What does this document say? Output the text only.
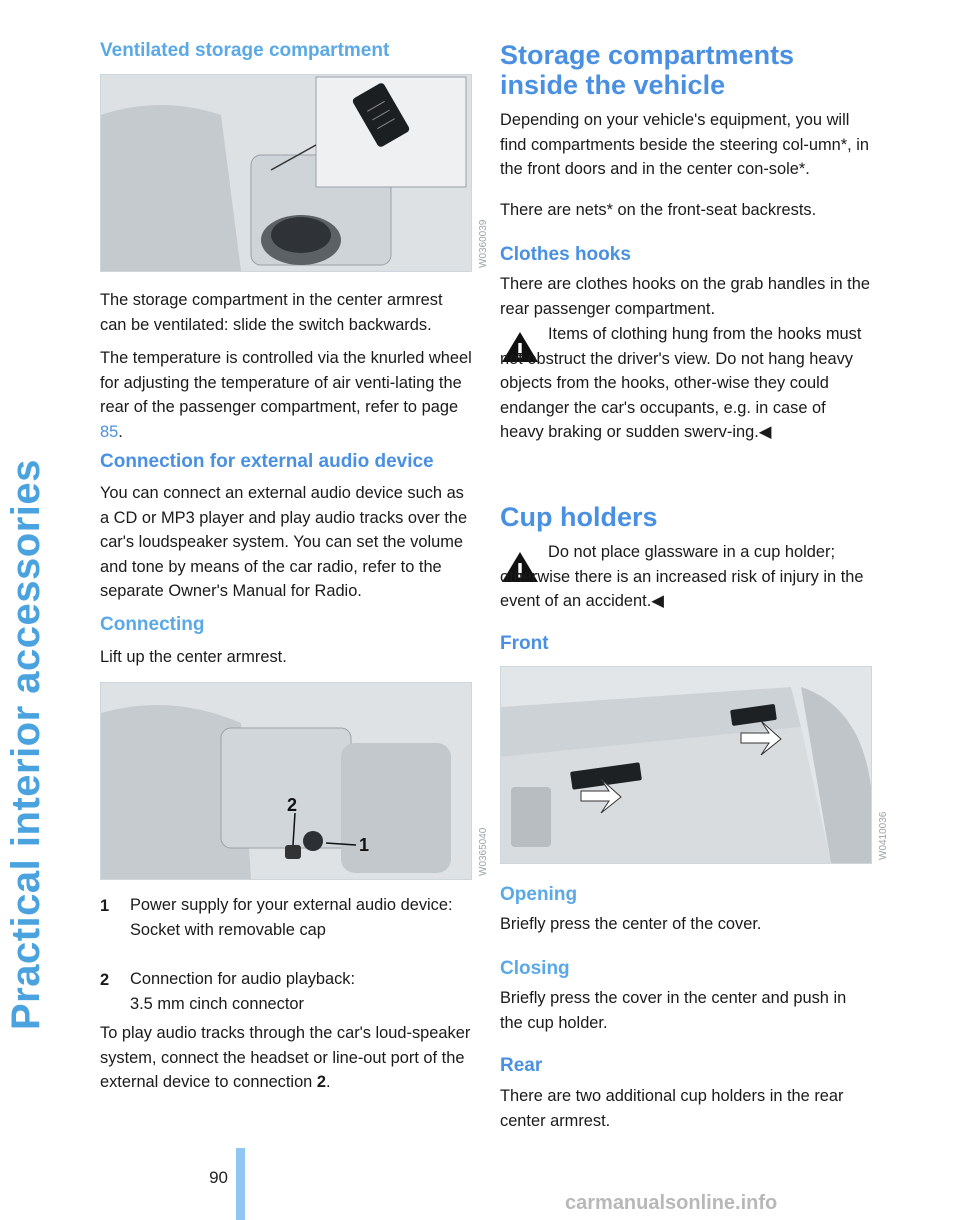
Practical interior accessories
90
Ventilated storage compartment
W0360039

The storage compartment in the center armrest can be ventilated: slide the switch backwards.

The temperature is controlled via the knurled wheel for adjusting the temperature of air venti-lating the rear of the passenger compartment, refer to page 85.

Connection for external audio device

You can connect an external audio device such as a CD or MP3 player and play audio tracks over the car's loudspeaker system. You can set the volume and tone by means of the car radio, refer to the separate Owner's Manual for Radio.

Connecting

Lift up the center armrest.

1
2
W0365040
1 Power supply for your external audio device:
Socket with removable cap
2 Connection for audio playback:
3.5 mm cinch connector

To play audio tracks through the car's loud-speaker system, connect the headset or line-out port of the external device to connection 2.

Storage compartments inside the vehicle

Depending on your vehicle's equipment, you will find compartments beside the steering col-umn*, in the front doors and in the center con-sole*.

There are nets* on the front-seat backrests.

Clothes hooks

There are clothes hooks on the grab handles in the rear passenger compartment.

Items of clothing hung from the hooks must not obstruct the driver's view. Do not hang heavy objects from the hooks, other-wise they could endanger the car's occupants, e.g. in case of heavy braking or sudden swerv-ing.◀

Cup holders

Do not place glassware in a cup holder; otherwise there is an increased risk of injury in the event of an accident.◀

Front
W0410036
Opening

Briefly press the center of the cover.

Closing

Briefly press the cover in the center and push in the cup holder.

Rear

There are two additional cup holders in the rear center armrest.

carmanualsonline.info
